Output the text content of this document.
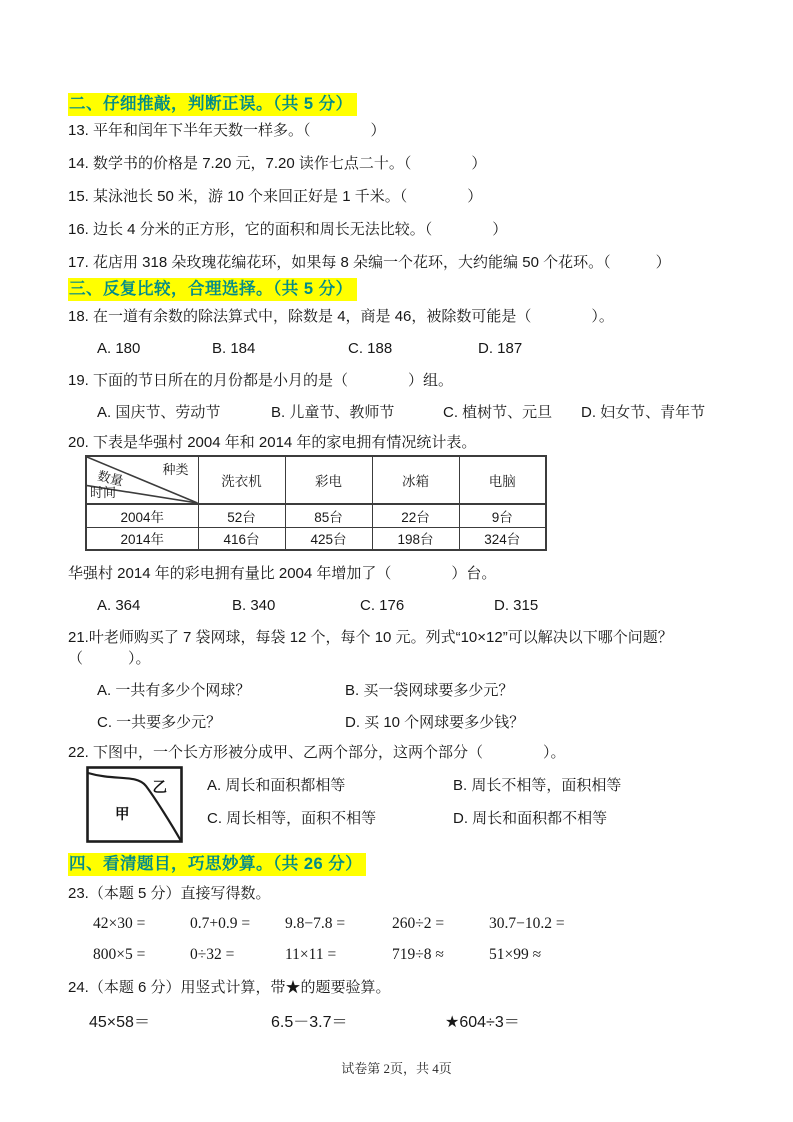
二、仔细推敲，判断正误。（共 5 分）
13. 平年和闰年下半年天数一样多。（　　　　）
14. 数学书的价格是 7.20 元，7.20 读作七点二十。（　　　　）
15. 某泳池长 50 米，游 10 个来回正好是 1 千米。（　　　　）
16. 边长 4 分米的正方形，它的面积和周长无法比较。（　　　　）
17. 花店用 318 朵玫瑰花编花环，如果每 8 朵编一个花环，大约能编 50 个花环。（　　　）
三、反复比较，合理选择。（共 5 分）
18. 在一道有余数的除法算式中，除数是 4，商是 46，被除数可能是（　　　　）。
A. 180	B. 184	C. 188	D. 187
19. 下面的节日所在的月份都是小月的是（　　　　）组。
A. 国庆节、劳动节	B. 儿童节、教师节	C. 植树节、元旦	D. 妇女节、青年节
20. 下表是华强村 2004 年和 2014 年的家电拥有情况统计表。
种类
数量
时间	洗衣机	彩电	冰箱	电脑
2004年	52台	85台	22台	9台
2014年	416台	425台	198台	324台
华强村 2014 年的彩电拥有量比 2004 年增加了（　　　　）台。
A. 364	B. 340	C. 176	D. 315
21.叶老师购买了 7 袋网球，每袋 12 个，每个 10 元。列式“10×12”可以解决以下哪个问题？（　　　）。
A. 一共有多少个网球？	B. 买一袋网球要多少元？
C. 一共要多少元？	D. 买 10 个网球要多少钱？
22. 下图中，一个长方形被分成甲、乙两个部分，这两个部分（　　　　）。
甲
乙	A. 周长和面积都相等	B. 周长不相等，面积相等
C. 周长相等，面积不相等	D. 周长和面积都不相等
四、看清题目，巧思妙算。（共 26 分）
23.（本题 5 分）直接写得数。
42×30 =	0.7+0.9 =	9.8−7.8 =	260÷2 =	30.7−10.2 =
800×5 =	0÷32 =	11×11 =	719÷8 ≈	51×99 ≈
24.（本题 6 分）用竖式计算，带★的题要验算。
45×58＝	6.5－3.7＝	★604÷3＝
试卷第 2页，共 4页
